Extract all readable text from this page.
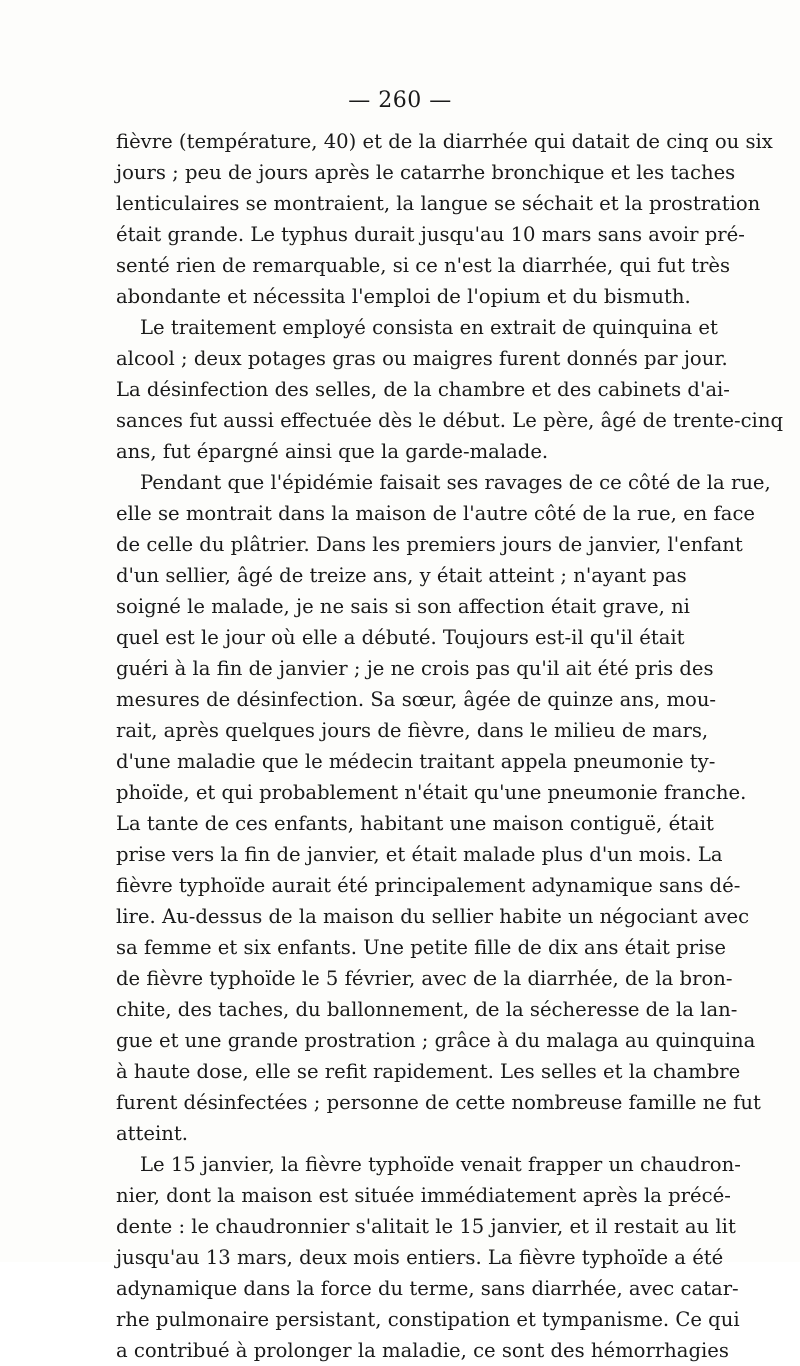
— 260 —
fièvre (température, 40) et de la diarrhée qui datait de cinq ou six
jours ; peu de jours après le catarrhe bronchique et les taches
lenticulaires se montraient, la langue se séchait et la prostration
était grande. Le typhus durait jusqu'au 10 mars sans avoir pré-
senté rien de remarquable, si ce n'est la diarrhée, qui fut très
abondante et nécessita l'emploi de l'opium et du bismuth.
Le traitement employé consista en extrait de quinquina et
alcool ; deux potages gras ou maigres furent donnés par jour.
La désinfection des selles, de la chambre et des cabinets d'ai-
sances fut aussi effectuée dès le début. Le père, âgé de trente-cinq
ans, fut épargné ainsi que la garde-malade.
Pendant que l'épidémie faisait ses ravages de ce côté de la rue,
elle se montrait dans la maison de l'autre côté de la rue, en face
de celle du plâtrier. Dans les premiers jours de janvier, l'enfant
d'un sellier, âgé de treize ans, y était atteint ; n'ayant pas
soigné le malade, je ne sais si son affection était grave, ni
quel est le jour où elle a débuté. Toujours est-il qu'il était
guéri à la fin de janvier ; je ne crois pas qu'il ait été pris des
mesures de désinfection. Sa sœur, âgée de quinze ans, mou-
rait, après quelques jours de fièvre, dans le milieu de mars,
d'une maladie que le médecin traitant appela pneumonie ty-
phoïde, et qui probablement n'était qu'une pneumonie franche.
La tante de ces enfants, habitant une maison contiguë, était
prise vers la fin de janvier, et était malade plus d'un mois. La
fièvre typhoïde aurait été principalement adynamique sans dé-
lire. Au-dessus de la maison du sellier habite un négociant avec
sa femme et six enfants. Une petite fille de dix ans était prise
de fièvre typhoïde le 5 février, avec de la diarrhée, de la bron-
chite, des taches, du ballonnement, de la sécheresse de la lan-
gue et une grande prostration ; grâce à du malaga au quinquina
à haute dose, elle se refit rapidement. Les selles et la chambre
furent désinfectées ; personne de cette nombreuse famille ne fut
atteint.
Le 15 janvier, la fièvre typhoïde venait frapper un chaudron-
nier, dont la maison est située immédiatement après la précé-
dente : le chaudronnier s'alitait le 15 janvier, et il restait au lit
jusqu'au 13 mars, deux mois entiers. La fièvre typhoïde a été
adynamique dans la force du terme, sans diarrhée, avec catar-
rhe pulmonaire persistant, constipation et tympanisme. Ce qui
a contribué à prolonger la maladie, ce sont des hémorrhagies
